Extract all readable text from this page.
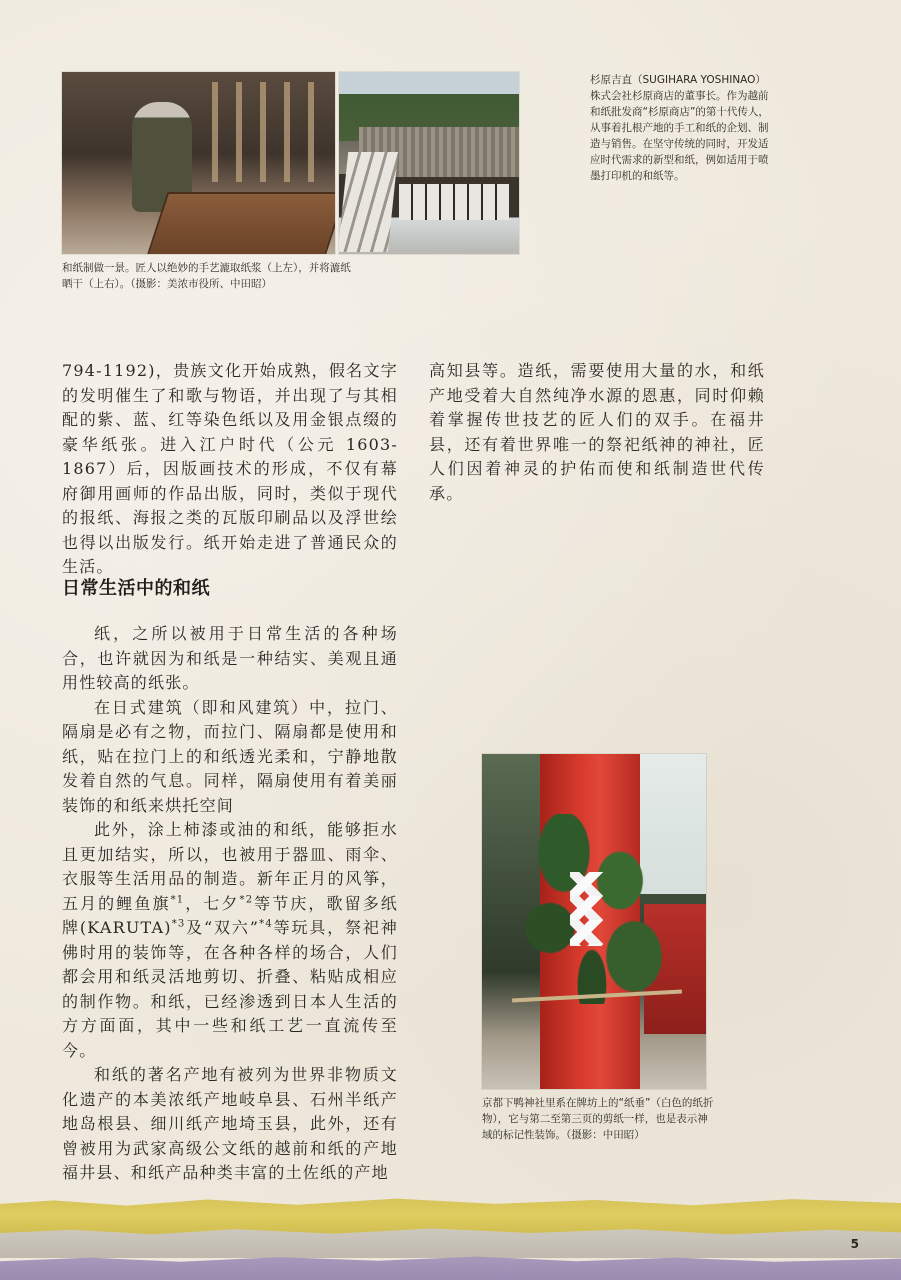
和纸制做一景。匠人以绝妙的手艺漉取纸浆（上左），并将漉纸晒干（上右）。（摄影：美浓市役所、中田昭）

杉原吉直（SUGIHARA YOSHINAO）
株式会社杉原商店的董事长。作为越前和纸批发商“杉原商店”的第十代传人，从事着扎根产地的手工和纸的企划、制造与销售。在坚守传统的同时，开发适应时代需求的新型和纸，例如适用于喷墨打印机的和纸等。

794-1192)，贵族文化开始成熟，假名文字的发明催生了和歌与物语，并出现了与其相配的紫、蓝、红等染色纸以及用金银点缀的豪华纸张。进入江户时代（公元 1603-1867）后，因版画技术的形成，不仅有幕府御用画师的作品出版，同时，类似于现代的报纸、海报之类的瓦版印刷品以及浮世绘也得以出版发行。纸开始走进了普通民众的生活。

高知县等。造纸，需要使用大量的水，和纸产地受着大自然纯净水源的恩惠，同时仰赖着掌握传世技艺的匠人们的双手。在福井县，还有着世界唯一的祭祀纸神的神社，匠人们因着神灵的护佑而使和纸制造世代传承。

日常生活中的和纸

纸，之所以被用于日常生活的各种场合，也许就因为和纸是一种结实、美观且通用性较高的纸张。

在日式建筑（即和风建筑）中，拉门、隔扇是必有之物，而拉门、隔扇都是使用和纸，贴在拉门上的和纸透光柔和，宁静地散发着自然的气息。同样，隔扇使用有着美丽装饰的和纸来烘托空间

此外，涂上柿漆或油的和纸，能够拒水且更加结实，所以，也被用于器皿、雨伞、衣服等生活用品的制造。新年正月的风筝，五月的鲤鱼旗$^{*1}$，七夕$^{*2}$等节庆，歌留多纸牌(KARUTA)$^{*3}$及“双六”$^{*4}$等玩具，祭祀神佛时用的装饰等，在各种各样的场合，人们都会用和纸灵活地剪切、折叠、粘贴成相应的制作物。和纸，已经渗透到日本人生活的方方面面，其中一些和纸工艺一直流传至今。

和纸的著名产地有被列为世界非物质文化遗产的本美浓纸产地岐阜县、石州半纸产地岛根县、细川纸产地埼玉县，此外，还有曾被用为武家高级公文纸的越前和纸的产地福井县、和纸产品种类丰富的土佐纸的产地

京都下鸭神社里系在牌坊上的“纸垂”（白色的纸折物），它与第二至第三页的剪纸一样，也是表示神域的标记性装饰。（摄影：中田昭）

5
